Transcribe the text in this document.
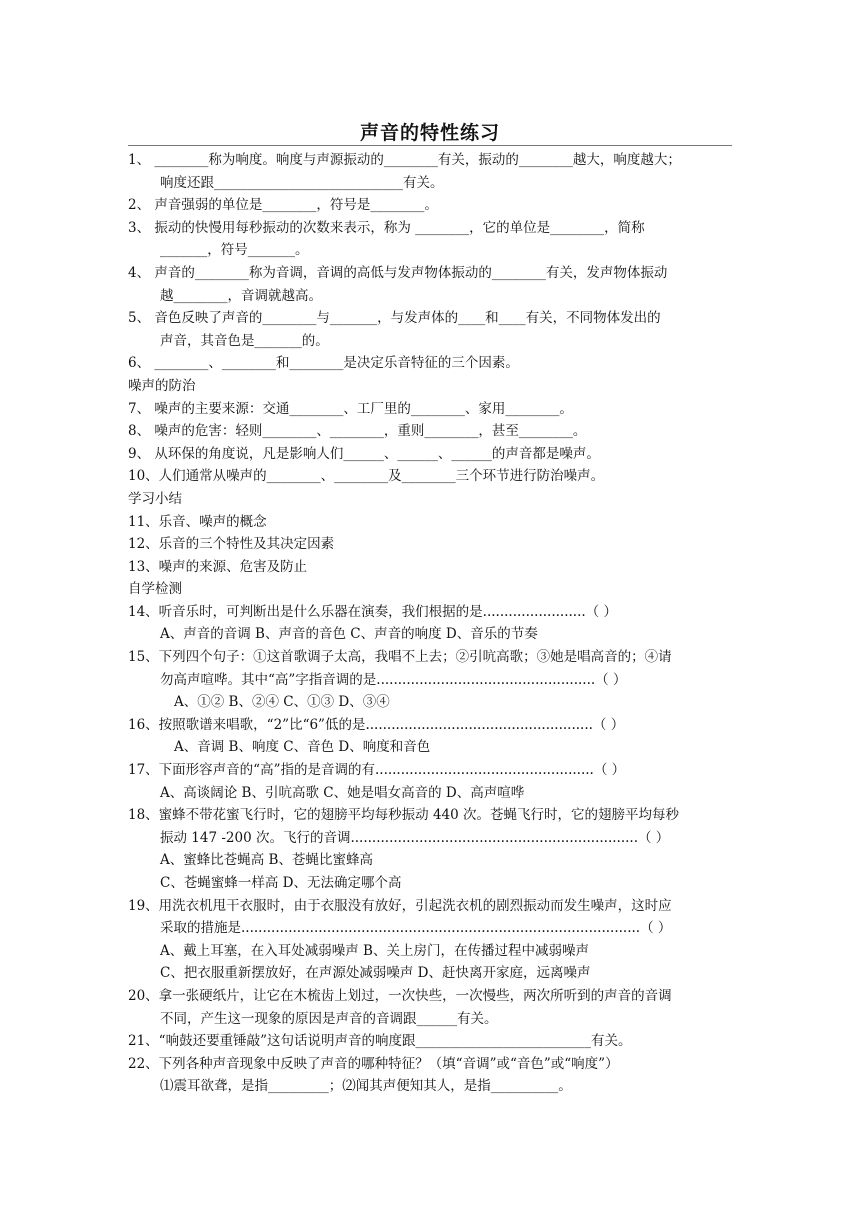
声音的特性练习
1、 ________称为响度。响度与声源振动的________有关，振动的________越大，响度越大；
响度还跟____________________________有关。
2、 声音强弱的单位是________，符号是________。
3、 振动的快慢用每秒振动的次数来表示，称为 ________，它的单位是________，简称
_______，符号_______。
4、 声音的________称为音调，音调的高低与发声物体振动的________有关，发声物体振动
越________，音调就越高。
5、 音色反映了声音的________与_______，与发声体的____和____有关，不同物体发出的
声音，其音色是_______的。
6、 ________、________和________是决定乐音特征的三个因素。
噪声的防治
7、 噪声的主要来源：交通________、工厂里的________、家用________。
8、 噪声的危害：轻则________、________，重则________，甚至________。
9、 从环保的角度说，凡是影响人们______、______、______的声音都是噪声。
10、人们通常从噪声的________、________及________三个环节进行防治噪声。
学习小结
11、乐音、噪声的概念
12、乐音的三个特性及其决定因素
13、噪声的来源、危害及防止
自学检测
14、听音乐时，可判断出是什么乐器在演奏，我们根据的是........................（ ）
A、声音的音调 B、声音的音色 C、声音的响度 D、音乐的节奏
15、下列四个句子：①这首歌调子太高，我唱不上去；②引吭高歌；③她是唱高音的；④请
勿高声喧哗。其中“高”字指音调的是...................................................（ ）
A、①② B、②④ C、①③ D、③④
16、按照歌谱来唱歌，“2”比“6”低的是.....................................................（ ）
A、音调 B、响度 C、音色 D、响度和音色
17、下面形容声音的“高”指的是音调的有...................................................（ ）
A、高谈阔论 B、引吭高歌 C、她是唱女高音的 D、高声喧哗
18、蜜蜂不带花蜜飞行时，它的翅膀平均每秒振动 440 次。苍蝇飞行时，它的翅膀平均每秒
振动 147 -200 次。飞行的音调...................................................................（ ）
A、蜜蜂比苍蝇高 B、苍蝇比蜜蜂高
C、苍蝇蜜蜂一样高 D、无法确定哪个高
19、用洗衣机甩干衣服时，由于衣服没有放好，引起洗衣机的剧烈振动而发生噪声，这时应
采取的措施是.............................................................................................（ ）
A、戴上耳塞，在入耳处减弱噪声 B、关上房门，在传播过程中减弱噪声
C、把衣服重新摆放好，在声源处减弱噪声 D、赶快离开家庭，远离噪声
20、拿一张硬纸片，让它在木梳齿上划过，一次快些，一次慢些，两次所听到的声音的音调
不同，产生这一现象的原因是声音的音调跟______有关。
21、“响鼓还要重锤敲”这句话说明声音的响度跟__________________________有关。
22、下列各种声音现象中反映了声音的哪种特征？（填“音调”或“音色”或“响度”）
⑴震耳欲聋，是指_________；⑵闻其声便知其人，是指__________。
